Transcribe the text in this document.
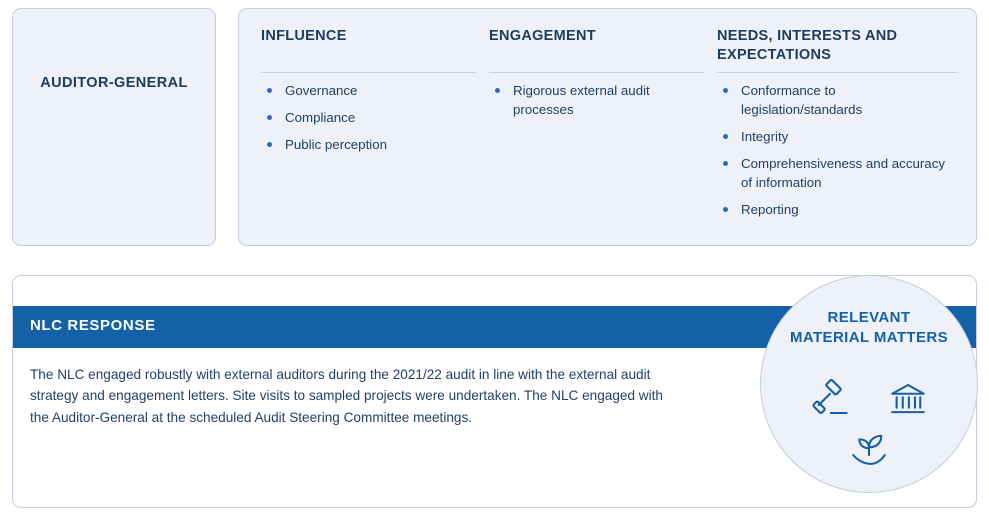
AUDITOR-GENERAL
INFLUENCE
Governance
Compliance
Public perception
ENGAGEMENT
Rigorous external audit processes
NEEDS, INTERESTS AND EXPECTATIONS
Conformance to legislation/standards
Integrity
Comprehensiveness and accuracy of information
Reporting
NLC RESPONSE
The NLC engaged robustly with external auditors during the 2021/22 audit in line with the external audit strategy and engagement letters. Site visits to sampled projects were undertaken. The NLC engaged with the Auditor-General at the scheduled Audit Steering Committee meetings.
RELEVANT
MATERIAL MATTERS
